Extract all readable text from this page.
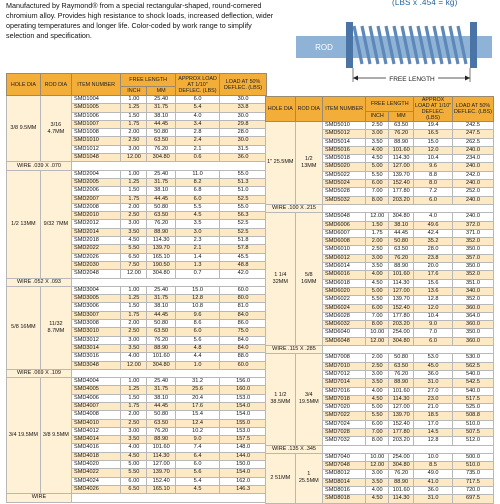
Manufactured by Raymond® from a special rectangular-shaped, round-cornered chromium alloy. Provides high resistance to shock loads, increased deflection, wider operating temperatures and longer life. Color-coded by work range to simplify selection and specification.
(LBS x .454 = kg)
ROD
FREE LENGTH
HOLE DIA	ROD DIA	ITEM NUMBER	FREE LENGTH		APPROX LOAD AT 1/10" DEFLEC. (LBS)	LOAD AT 50% DEFLEC. (LBS)
			INCH	MM		
3/8 9.5MM	3/16 4.7MM	SMD1004	1.00	25.40	6.0	30.0
		SMD1005	1.25	31.75	5.4	33.8
		SMD1006	1.50	38.10	4.0	30.0
		SMD1007	1.75	44.45	3.4	29.8
		SMD1008	2.00	50.80	2.8	28.0
		SMD1010	2.50	63.50	2.4	30.0
		SMD1012	3.00	76.20	2.1	31.5
		SMD1048	12.00	304.80	0.6	36.0
WIRE .039 X .070						
1/2 13MM	9/32 7MM	SMD2004	1.00	25.40	11.0	55.0
		SMD2005	1.25	31.75	8.2	51.3
		SMD2006	1.50	38.10	6.8	51.0
		SMD2007	1.75	44.45	6.0	52.5
		SMD2008	2.00	50.80	5.5	55.0
		SMD2010	2.50	63.50	4.5	56.3
		SMD2012	3.00	76.20	3.5	52.5
		SMD2014	3.50	88.90	3.0	52.5
		SMD2018	4.50	114.30	2.3	51.8
		SMD2022	5.50	139.70	2.1	57.8
		SMD2026	6.50	165.10	1.4	45.5
		SMD2030	7.50	190.50	1.3	48.8
		SMD2048	12.00	304.80	0.7	42.0
WIRE .052 X .093						
5/8 16MM	11/32 8.7MM	SMD3004	1.00	25.40	15.0	60.0
		SMD3005	1.25	31.75	12.8	80.0
		SMD3006	1.50	38.10	10.8	81.0
		SMD3007	1.75	44.45	9.6	84.0
		SMD3008	2.00	50.80	8.6	86.0
		SMD3010	2.50	63.50	6.0	75.0
		SMD3012	3.00	76.20	5.6	84.0
		SMD3014	3.50	88.90	4.8	84.0
		SMD3016	4.00	101.60	4.4	88.0
		SMD3048	12.00	304.80	1.0	60.0
WIRE .069 X .109						
3/4 19.5MM	3/8 9.5MM	SMD4004	1.00	25.40	31.2	156.0
		SMD4005	1.25	31.75	25.6	160.0
		SMD4006	1.50	38.10	20.4	153.0
		SMD4007	1.75	44.45	17.6	154.0
		SMD4008	2.00	50.80	15.4	154.0
		SMD4010	2.50	63.50	12.4	155.0
		SMD4012	3.00	76.20	10.2	153.0
		SMD4014	3.50	88.90	9.0	157.5
		SMD4016	4.00	101.60	7.4	148.0
		SMD4018	4.50	114.30	6.4	144.0
		SMD4020	5.00	127.00	6.0	150.0
		SMD4022	5.50	139.70	5.6	154.0
		SMD4024	6.00	152.40	5.4	162.0
		SMD4026	6.50	165.10	4.5	146.3
WIRE						
HOLE DIA	ROD DIA	ITEM NUMBER	FREE LENGTH		APPROX LOAD AT 1/10" DEFLEC. (LBS)	LOAD AT 50% DEFLEC. (LBS)
			INCH	MM		
1" 25.5MM	1/2 13MM	SMD5010	2.50	63.50	19.4	242.5
		SMD5012	3.00	76.20	16.5	247.5
		SMD5014	3.50	88.90	15.0	262.5
		SMD5016	4.00	101.60	12.0	240.0
		SMD5018	4.50	114.30	10.4	234.0
		SMD5020	5.00	127.00	9.6	240.0
		SMD5022	5.50	139.70	8.8	242.0
		SMD5024	6.00	152.40	8.0	240.0
		SMD5028	7.00	177.80	7.2	252.0
		SMD5032	8.00	203.20	6.0	240.0
WIRE .100 X .215						
1 1/4 32MM	5/8 16MM	SMD5048	12.00	304.80	4.0	240.0
		SMD6006	1.50	38.10	49.6	372.0
		SMD6007	1.75	44.45	42.4	371.0
		SMD6008	2.00	50.80	35.2	352.0
		SMD6010	2.50	63.50	28.0	350.0
		SMD6012	3.00	76.20	23.8	357.0
		SMD6014	3.50	88.90	20.0	350.0
		SMD6016	4.00	101.60	17.6	352.0
		SMD6018	4.50	114.30	15.6	351.0
		SMD6020	5.00	127.00	13.6	340.0
		SMD6022	5.50	139.70	12.8	352.0
		SMD6024	6.00	152.40	12.0	360.0
		SMD6028	7.00	177.80	10.4	364.0
		SMD6032	8.00	203.20	9.0	360.0
		SMD6040	10.00	254.00	7.0	350.0
		SMD6048	12.00	304.80	6.0	360.0
WIRE .115 X .285						
1 1/2 38.5MM	3/4 19.5MM	SMD7008	2.00	50.80	53.0	530.0
		SMD7010	2.50	63.50	45.0	562.5
		SMD7012	3.00	76.20	36.0	540.0
		SMD7014	3.50	88.90	31.0	542.5
		SMD7016	4.00	101.60	27.0	540.0
		SMD7018	4.50	114.30	23.0	517.5
		SMD7020	5.00	127.00	21.0	525.0
		SMD7022	5.50	139.70	18.5	508.8
		SMD7024	6.00	152.40	17.0	510.0
		SMD7028	7.00	177.80	14.5	507.5
		SMD7032	8.00	203.20	12.8	512.0
WIRE .135 X .345						
2 51MM	1 25.5MM	SMD7040	10.00	254.00	10.0	500.0
		SMD7048	12.00	304.80	8.5	510.0
		SMD8012	3.00	76.20	49.0	735.0
		SMD8014	3.50	88.90	41.0	717.5
		SMD8016	4.00	101.60	36.0	720.0
		SMD8018	4.50	114.30	31.0	697.5
